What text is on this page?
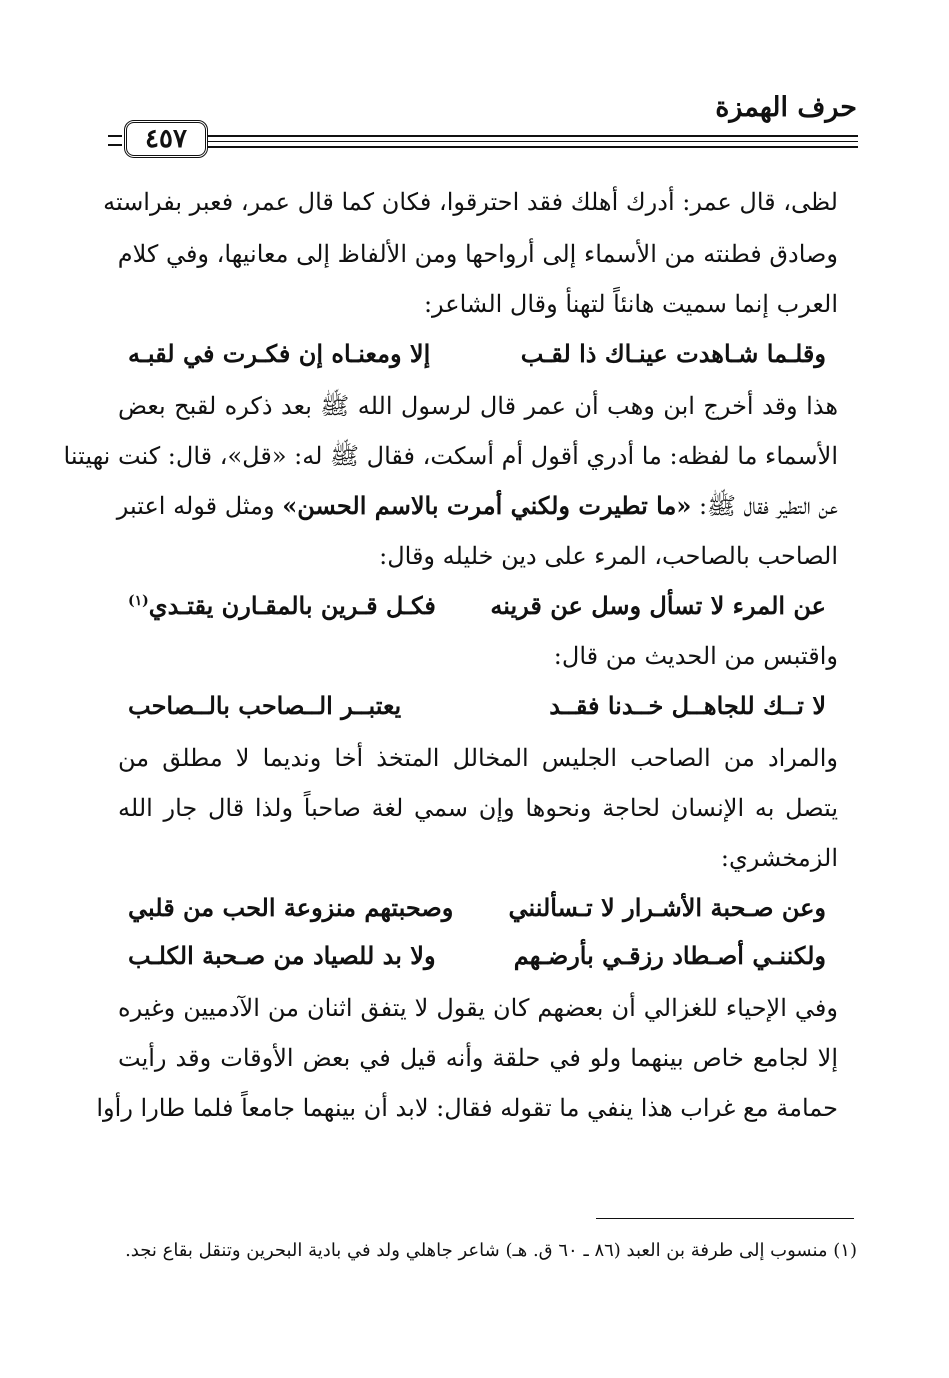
حرف الهمزة
٤٥٧
لظى، قال عمر: أدرك أهلك فقد احترقوا، فكان كما قال عمر، فعبر بفراسته
وصادق فطنته من الأسماء إلى أرواحها ومن الألفاظ إلى معانيها، وفي كلام
العرب إنما سميت هانئاً لتهنأ وقال الشاعر:
وقلـما شـاهدت عينـاك ذا لقـب
إلا ومعنـاه إن فكـرت في لقبـه
هذا وقد أخرج ابن وهب أن عمر قال لرسول الله ﷺ بعد ذكره لقبح بعض
الأسماء ما لفظه: ما أدري أقول أم أسكت، فقال ﷺ له: «قل»، قال: كنت نهيتنا
عن التطير فقال ﷺ: «ما تطيرت ولكني أمرت بالاسم الحسن» ومثل قوله اعتبر
الصاحب بالصاحب، المرء على دين خليله وقال:
عن المرء لا تسأل وسل عن قرينه
فكـل قـرين بالمقـارن يقتـدي$^{(١)}$
واقتبس من الحديث من قال:
لا تــك للجاهــل خــدنا فقــد
يعتبــر الــصاحب بالــصاحب
والمراد من الصاحب الجليس المخالل المتخذ أخا ونديما لا مطلق من
يتصل به الإنسان لحاجة ونحوها وإن سمي لغة صاحباً ولذا قال جار الله
الزمخشري:
وعن صـحبة الأشـرار لا تـسألنني
وصحبتهم منزوعة الحب من قلبي
ولكننـي أصـطاد رزقـي بأرضـهم
ولا بد للصياد من صـحبة الكلـب
وفي الإحياء للغزالي أن بعضهم كان يقول لا يتفق اثنان من الآدميين وغيره
إلا لجامع خاص بينهما ولو في حلقة وأنه قيل في بعض الأوقات وقد رأيت
حمامة مع غراب هذا ينفي ما تقوله فقال: لابد أن بينهما جامعاً فلما طارا رأوا
(١) منسوب إلى طرفة بن العبد (٨٦ ـ ٦٠ ق. هـ) شاعر جاهلي ولد في بادية البحرين وتنقل بقاع نجد.
